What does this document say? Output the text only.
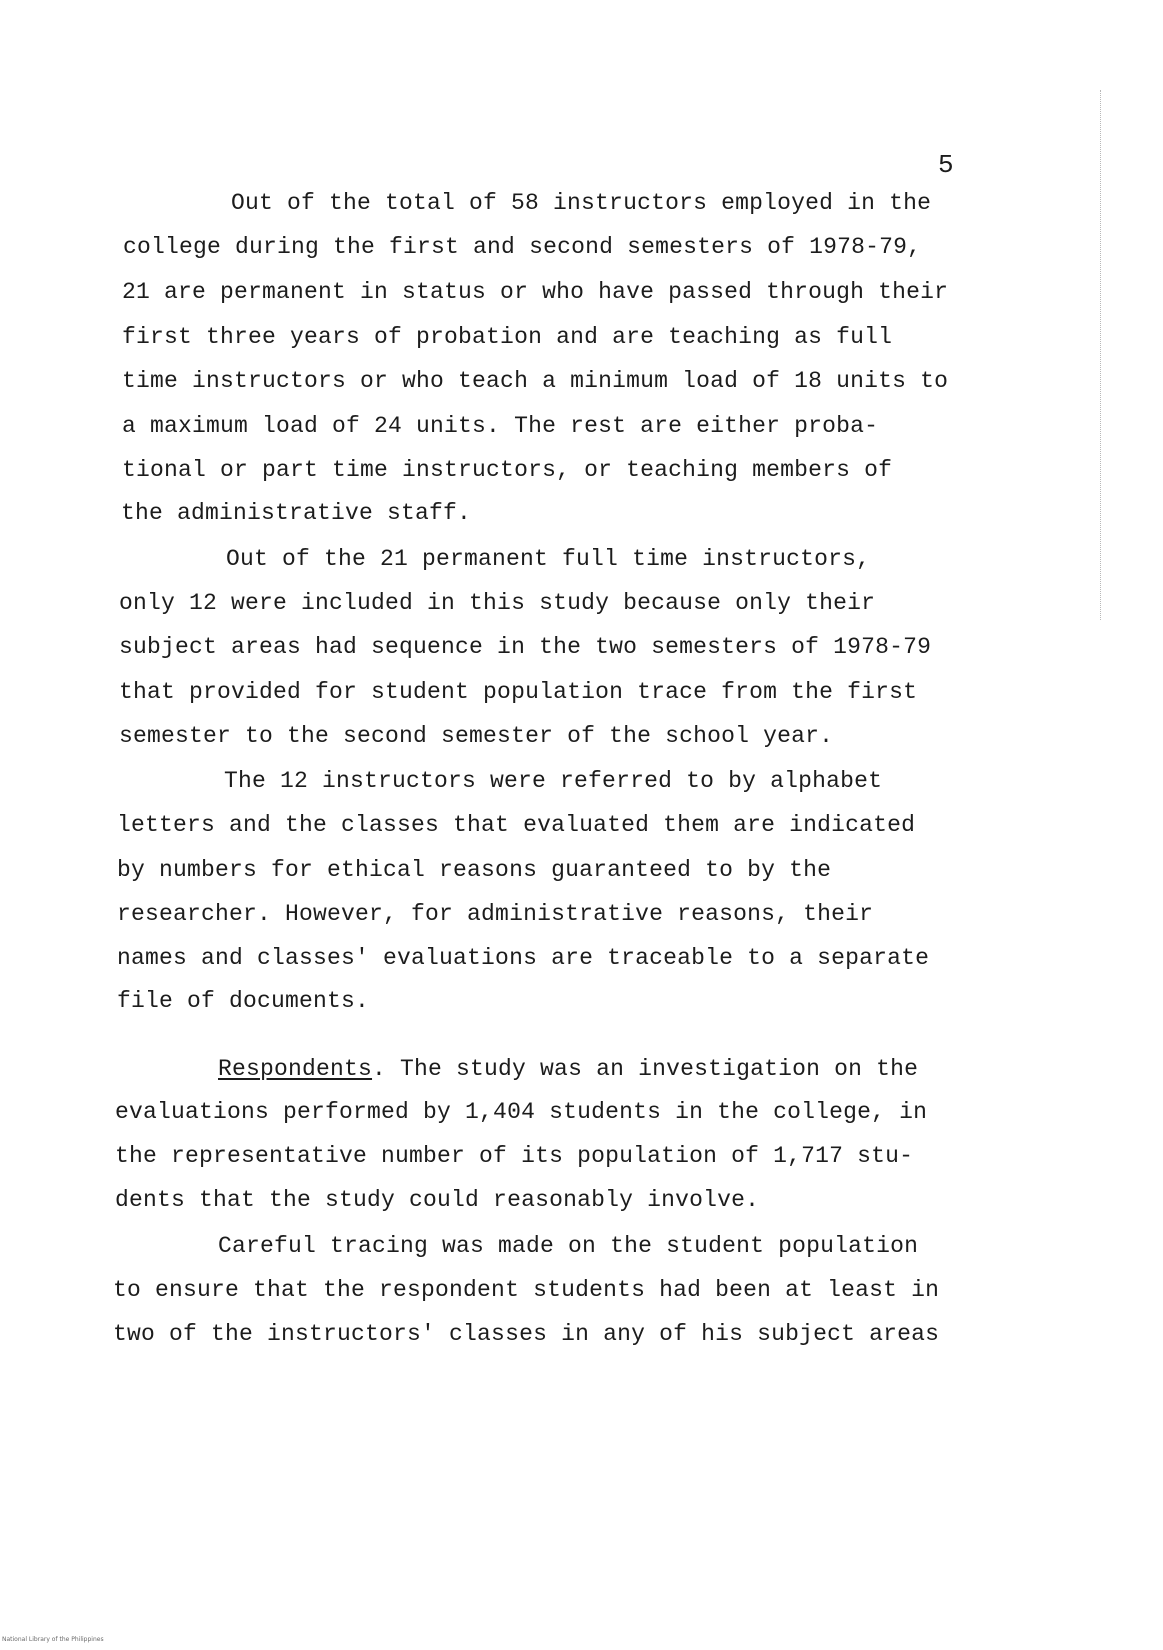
5
Out of the total of 58 instructors employed in the
college during the first and second semesters of 1978-79,
21 are permanent in status or who have passed through their
first three years of probation and are teaching as full
time instructors or who teach a minimum load of 18 units to
a maximum load of 24 units. The rest are either proba-
tional or part time instructors, or teaching members of
the administrative staff.
Out of the 21 permanent full time instructors,
only 12 were included in this study because only their
subject areas had sequence in the two semesters of 1978-79
that provided for student population trace from the first
semester to the second semester of the school year.
The 12 instructors were referred to by alphabet
letters and the classes that evaluated them are indicated
by numbers for ethical reasons guaranteed to by the
researcher. However, for administrative reasons, their
names and classes' evaluations are traceable to a separate
file of documents.
Respondents. The study was an investigation on the
evaluations performed by 1,404 students in the college, in
the representative number of its population of 1,717 stu-
dents that the study could reasonably involve.
Careful tracing was made on the student population
to ensure that the respondent students had been at least in
two of the instructors' classes in any of his subject areas
National Library of the Philippines
